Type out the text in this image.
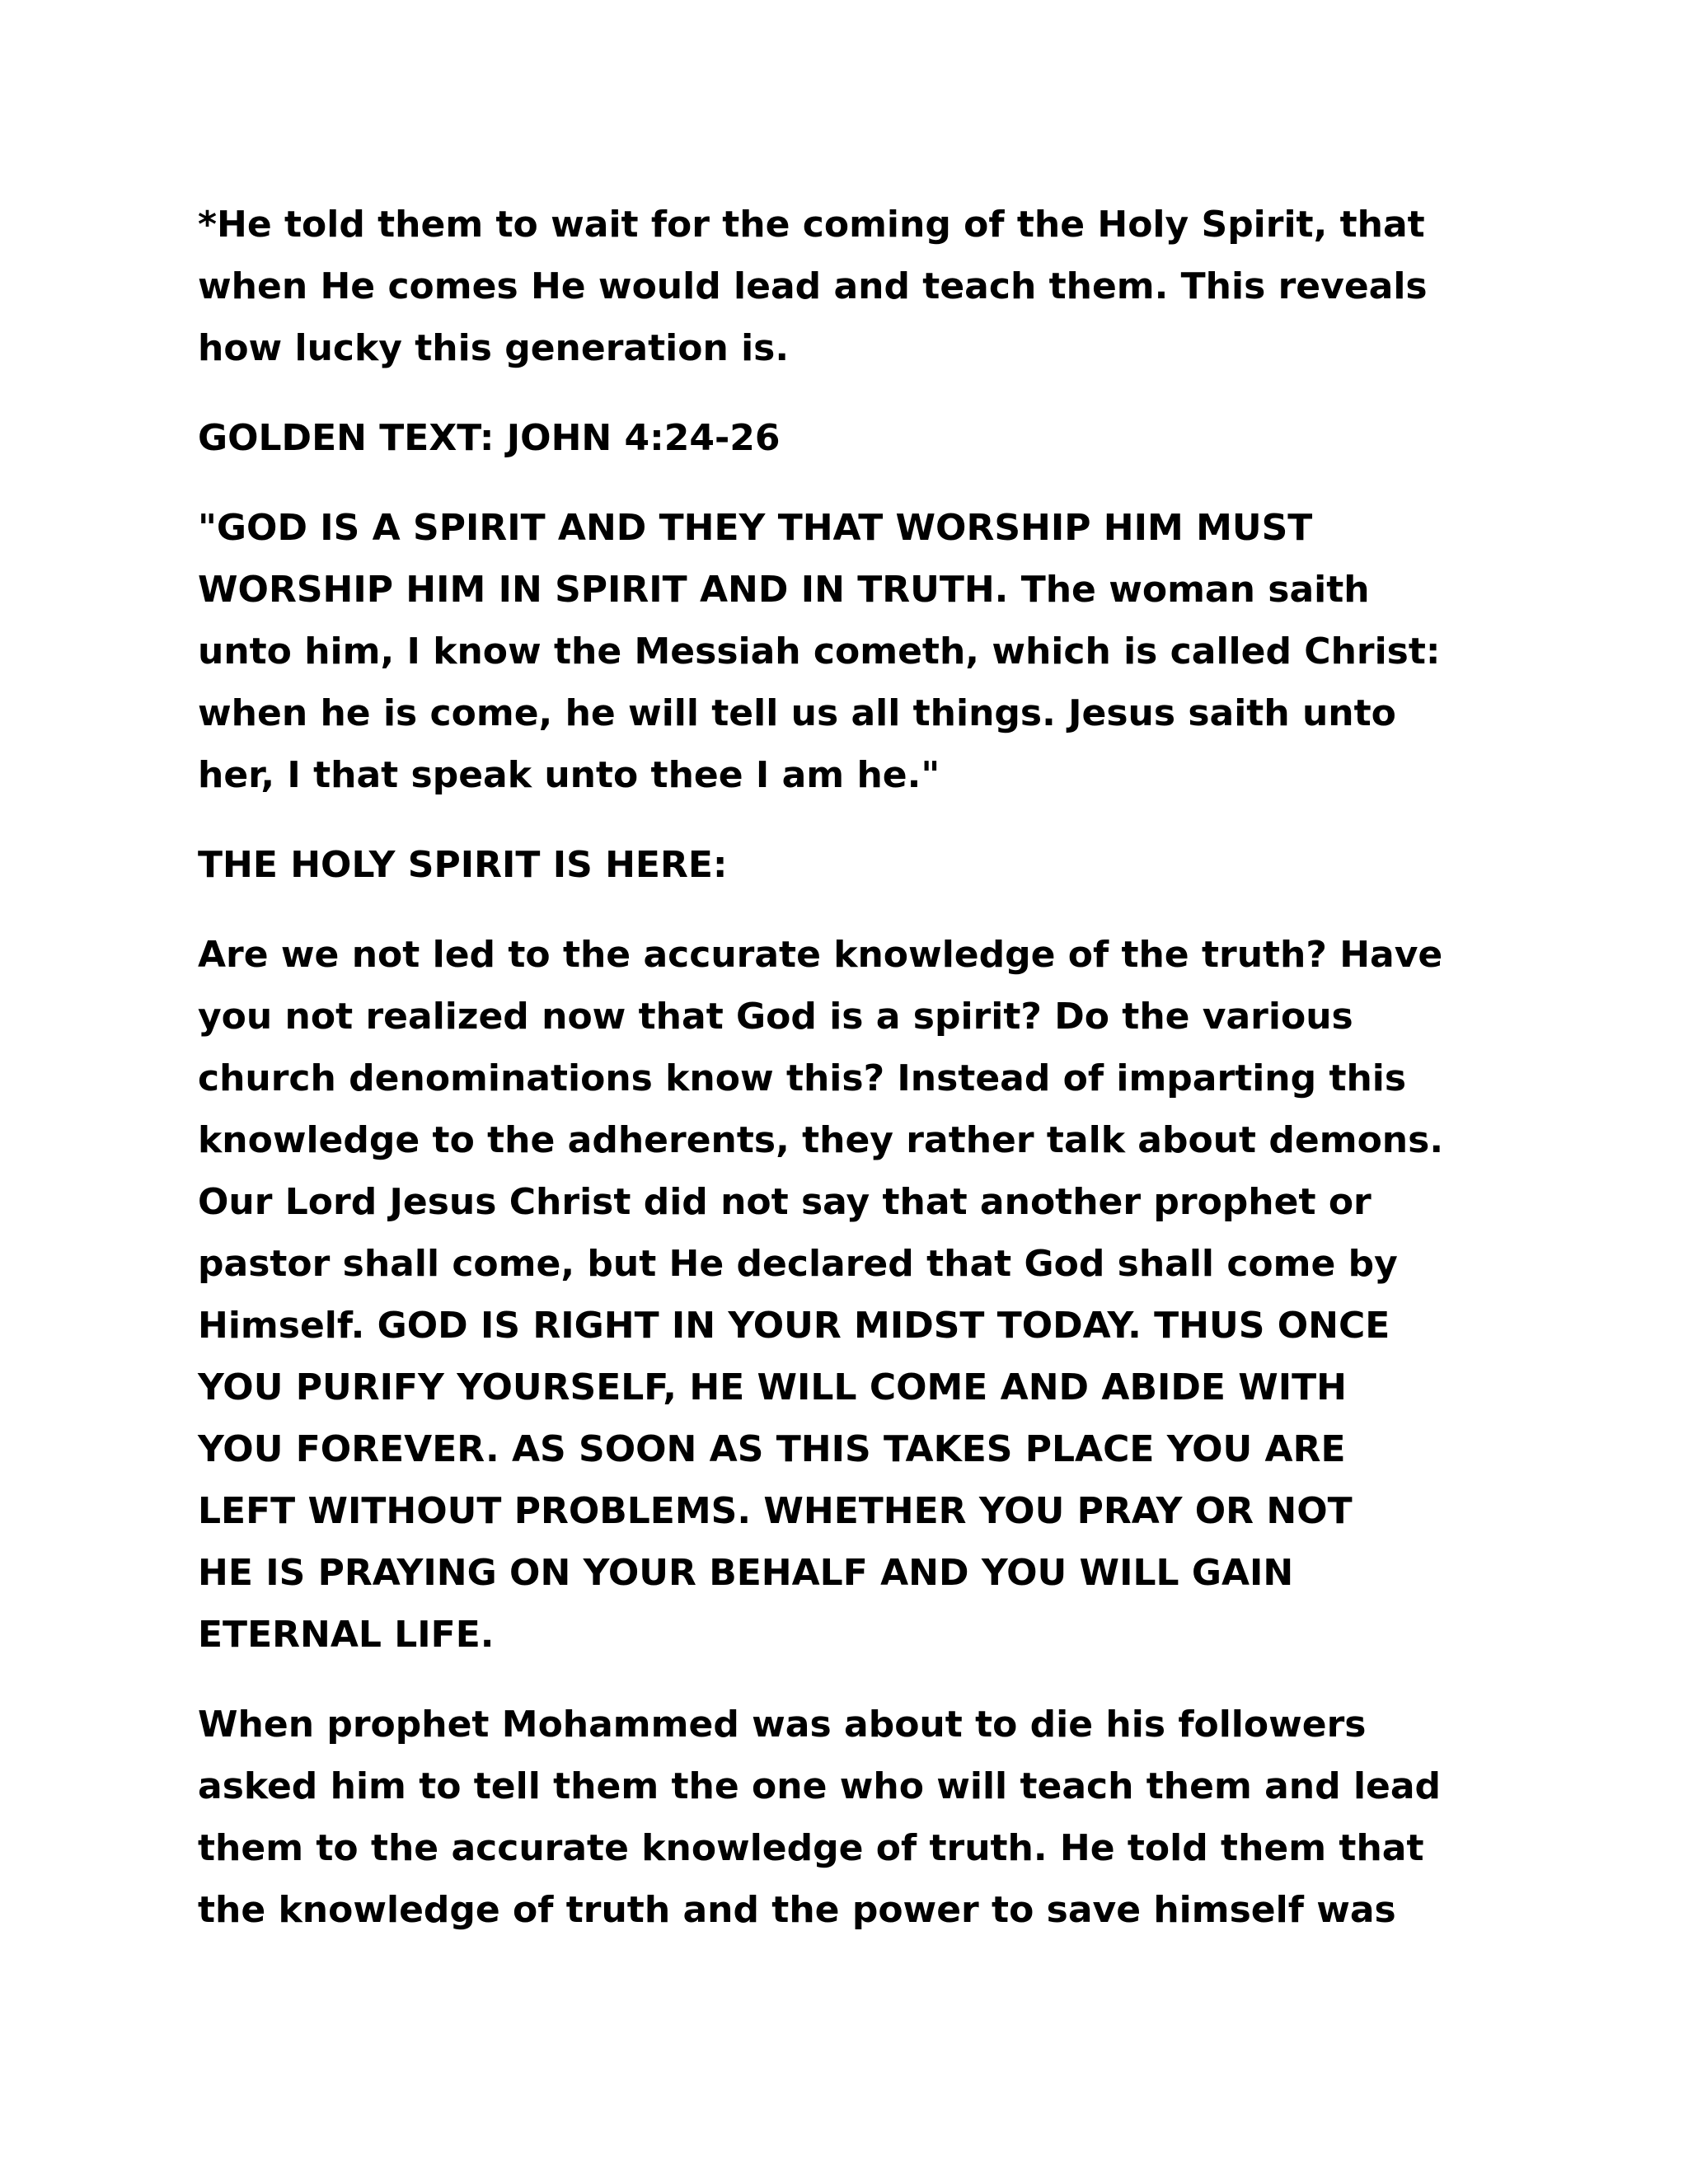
*He told them to wait for the coming of the Holy Spirit, that
when He comes He would lead and teach them. This reveals
how lucky this generation is.
GOLDEN TEXT: JOHN 4:24-26
"GOD IS A SPIRIT AND THEY THAT WORSHIP HIM MUST
WORSHIP HIM IN SPIRIT AND IN TRUTH. The woman saith
unto him, I know the Messiah cometh, which is called Christ:
when he is come, he will tell us all things. Jesus saith unto
her, I that speak unto thee I am he."
THE HOLY SPIRIT IS HERE:
Are we not led to the accurate knowledge of the truth? Have
you not realized now that God is a spirit? Do the various
church denominations know this? Instead of imparting this
knowledge to the adherents, they rather talk about demons.
Our Lord Jesus Christ did not say that another prophet or
pastor shall come, but He declared that God shall come by
Himself. GOD IS RIGHT IN YOUR MIDST TODAY. THUS ONCE
YOU PURIFY YOURSELF, HE WILL COME AND ABIDE WITH
YOU FOREVER. AS SOON AS THIS TAKES PLACE YOU ARE
LEFT WITHOUT PROBLEMS. WHETHER YOU PRAY OR NOT
HE IS PRAYING ON YOUR BEHALF AND YOU WILL GAIN
ETERNAL LIFE.
When prophet Mohammed was about to die his followers
asked him to tell them the one who will teach them and lead
them to the accurate knowledge of truth. He told them that
the knowledge of truth and the power to save himself was
